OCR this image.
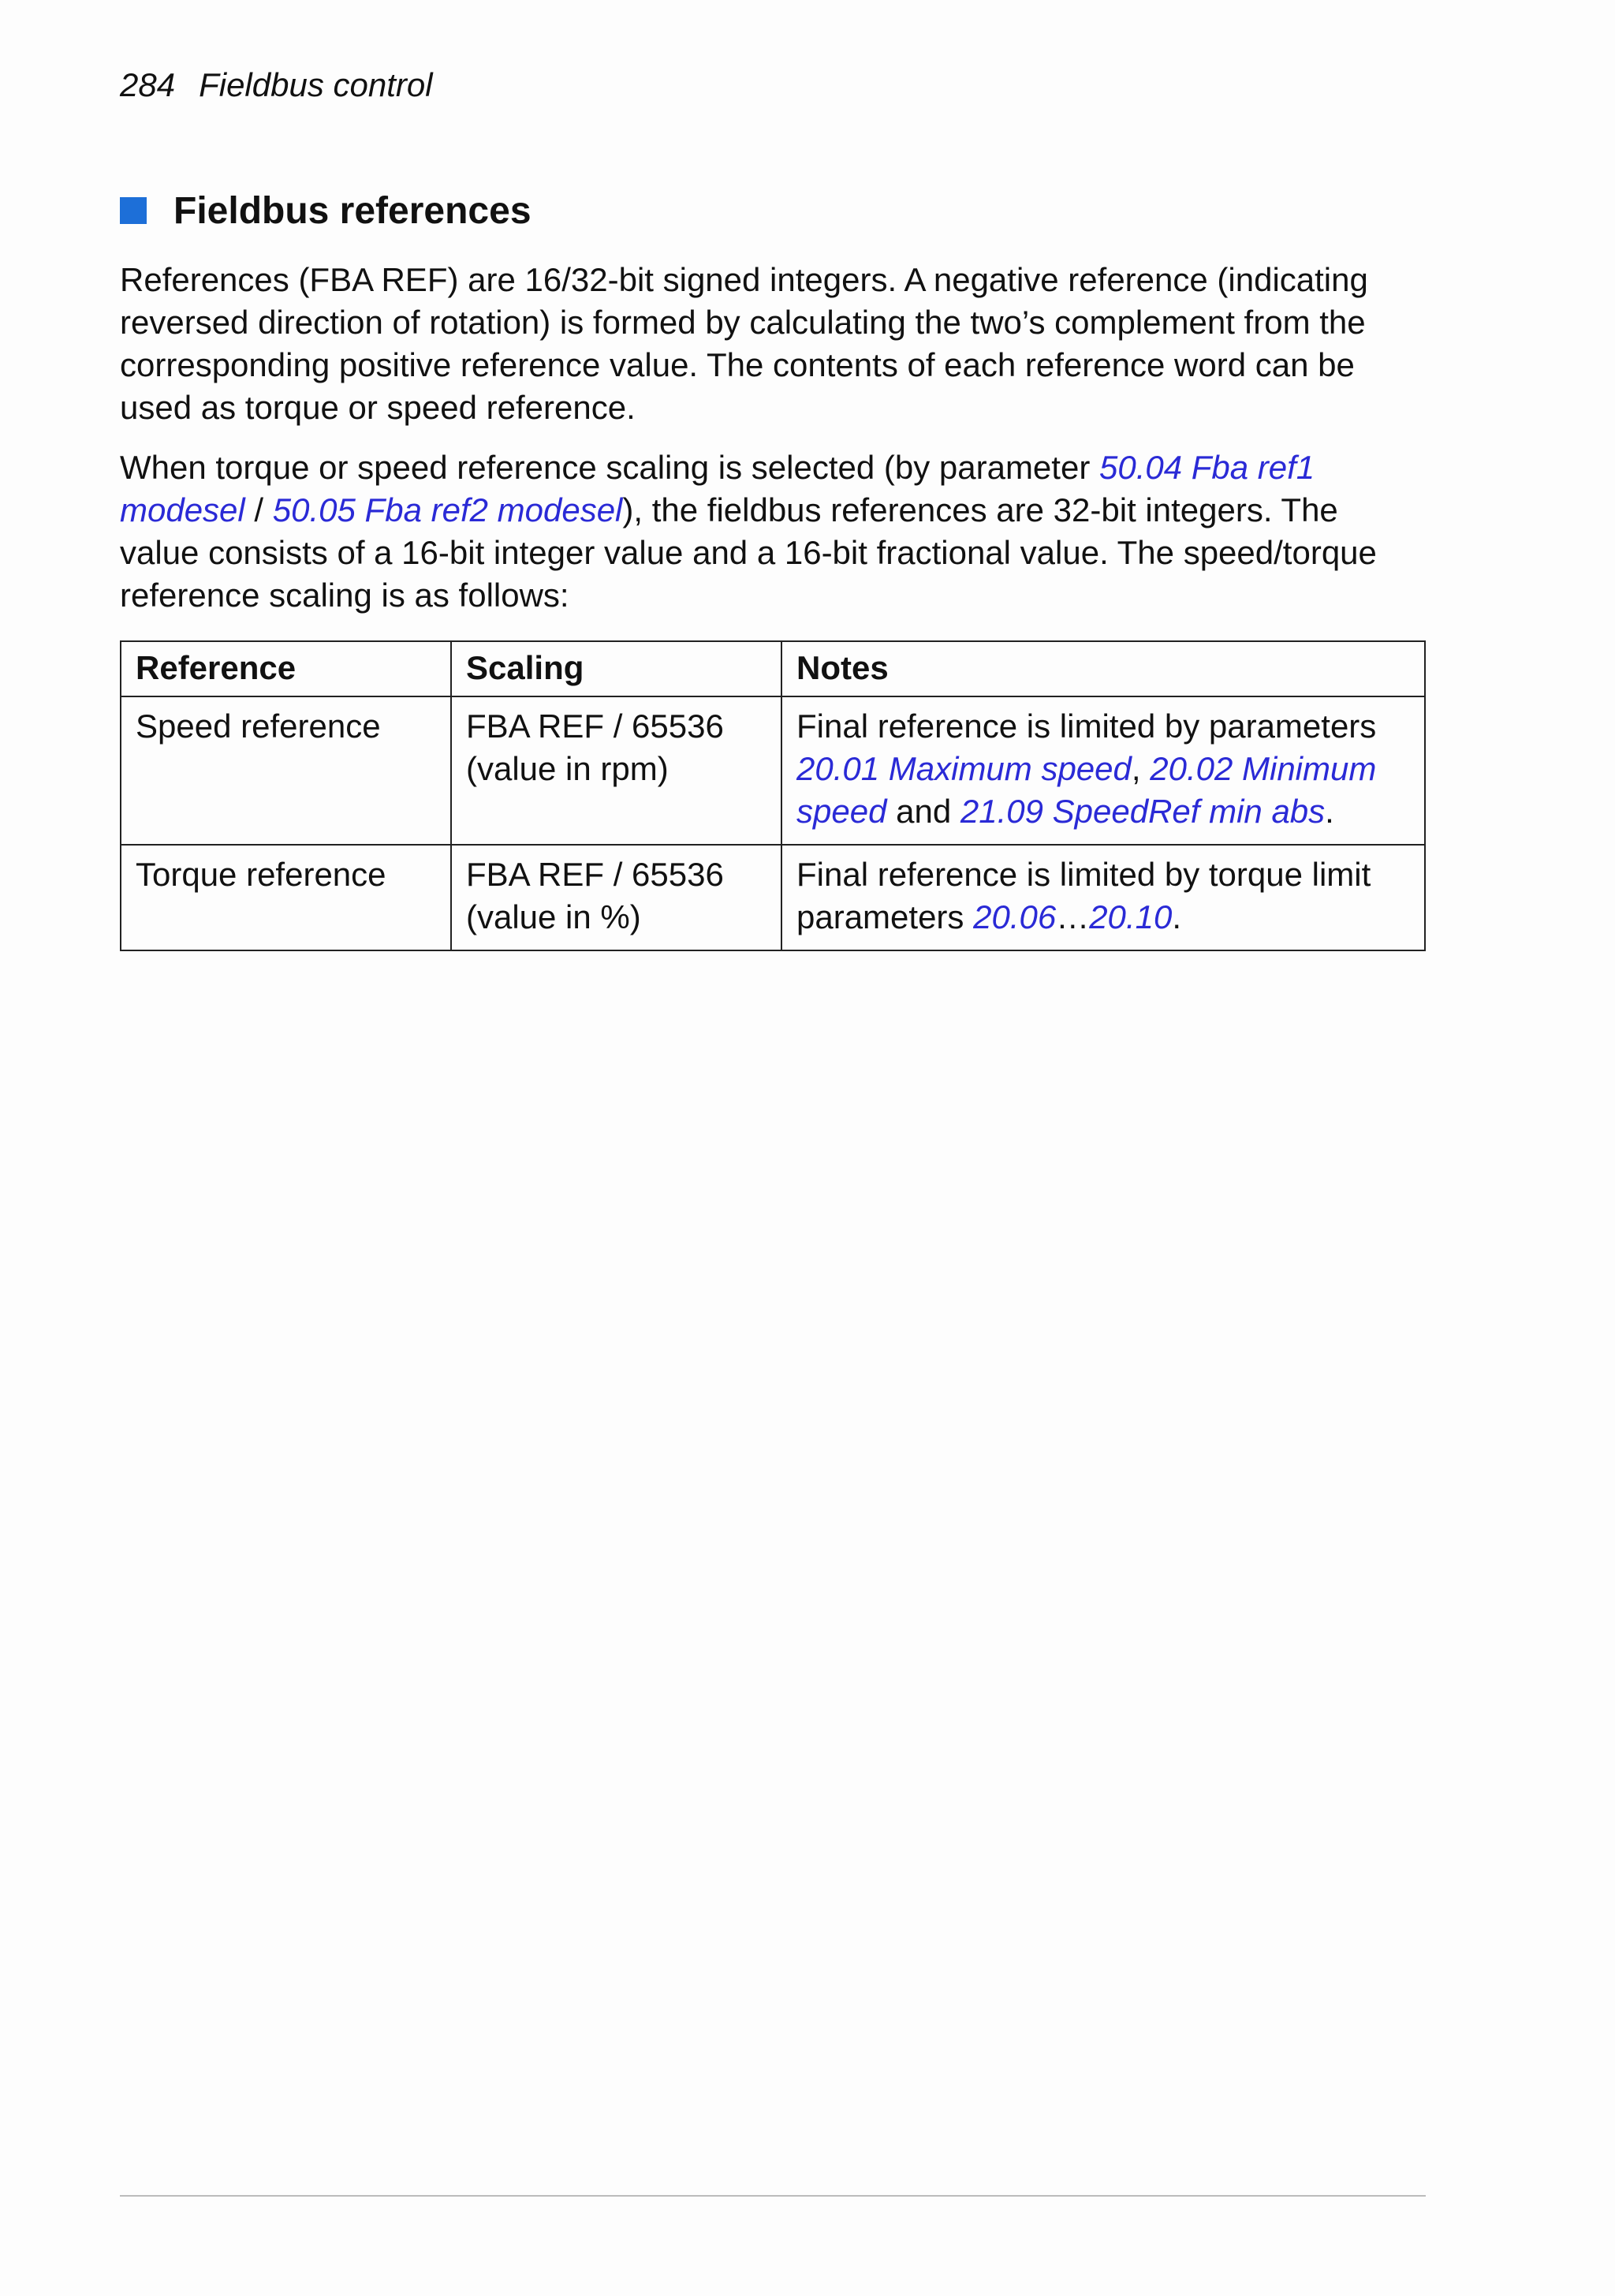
284 Fieldbus control
Fieldbus references

References (FBA REF) are 16/32-bit signed integers. A negative reference (indicating reversed direction of rotation) is formed by calculating the two’s complement from the corresponding positive reference value. The contents of each reference word can be used as torque or speed reference.

When torque or speed reference scaling is selected (by parameter 50.04 Fba ref1 modesel / 50.05 Fba ref2 modesel), the fieldbus references are 32-bit integers. The value consists of a 16-bit integer value and a 16-bit fractional value. The speed/torque reference scaling is as follows:

Reference	Scaling	Notes
Speed reference	FBA REF / 65536 (value in rpm)	Final reference is limited by parameters 20.01 Maximum speed, 20.02 Minimum speed and 21.09 SpeedRef min abs.
Torque reference	FBA REF / 65536 (value in %)	Final reference is limited by torque limit parameters 20.06…20.10.
